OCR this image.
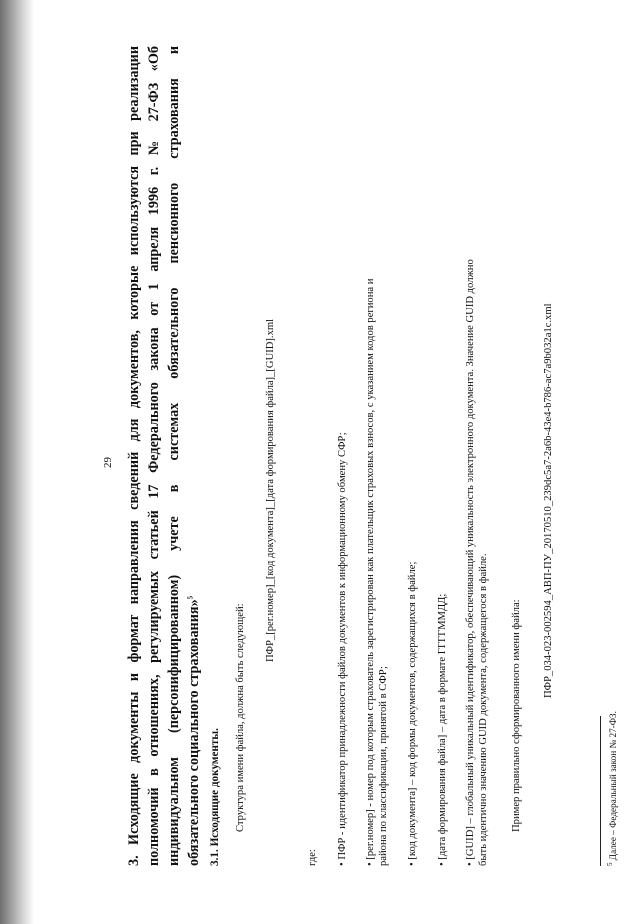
29 3. Исходящие документы и формат направления сведений для документов, которые используются при реализации полномочий в отношениях, регулируемых статьей 17 Федерального закона от 1 апреля 1996 г. № 27-ФЗ «Об индивидуальном (персонифицированном) учете в системах обязательного пенсионного страхования и обязательного социального страхования»$^5$
3.1. Исходящие документы. Структура имени файла, должна быть следующей:
ПФР_[рег.номер]_[код документа]_[дата формирования файла]_[GUID].xml
где: • ПФР - идентификатор принадлежности файлов документов к информационному обмену СФР; • [рег.номер] - номер под которым страхователь зарегистрирован как плательщик страховых взносов, с указанием кодов региона и района по классификации, принятой в СФР; • [код документа] – код формы документов, содержащихся в файле; • [дата формирования файла] – дата в формате ГГГГММДД; • [GUID] – глобальный уникальный идентификатор, обеспечивающий уникальность электронного документа. Значение GUID должно быть идентично значению GUID документа, содержащегося в файле. Пример правильно сформированного имени файла:
ПФР_034-023-002594_АВП-ПУ_20170510_239dc5a7-2a6b-43e4-b786-ac7a9b032a1c.xml
$^5$ Далее – Федеральный закон № 27-ФЗ.
